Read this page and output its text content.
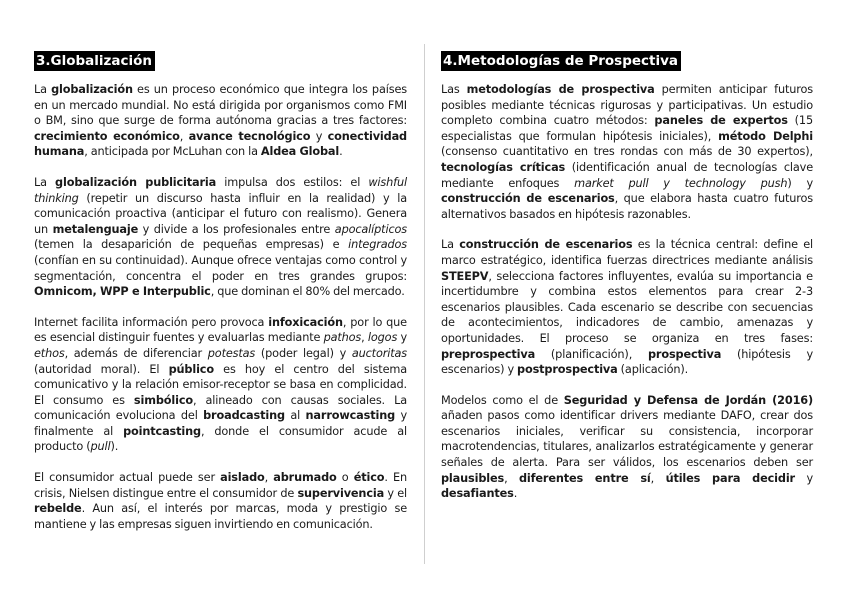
3.Globalización

La globalización es un proceso económico que integra los países en un mercado mundial. No está dirigida por organismos como FMI o BM, sino que surge de forma autónoma gracias a tres factores: crecimiento económico, avance tecnológico y conectividad humana, anticipada por McLuhan con la Aldea Global.

La globalización publicitaria impulsa dos estilos: el wishful thinking (repetir un discurso hasta influir en la realidad) y la comunicación proactiva (anticipar el futuro con realismo). Genera un metalenguaje y divide a los profesionales entre apocalípticos (temen la desaparición de pequeñas empresas) e integrados (confían en su continuidad). Aunque ofrece ventajas como control y segmentación, concentra el poder en tres grandes grupos: Omnicom, WPP e Interpublic, que dominan el 80% del mercado.

Internet facilita información pero provoca infoxicación, por lo que es esencial distinguir fuentes y evaluarlas mediante pathos, logos y ethos, además de diferenciar potestas (poder legal) y auctoritas (autoridad moral). El público es hoy el centro del sistema comunicativo y la relación emisor-receptor se basa en complicidad. El consumo es simbólico, alineado con causas sociales. La comunicación evoluciona del broadcasting al narrowcasting y finalmente al pointcasting, donde el consumidor acude al producto (pull).

El consumidor actual puede ser aislado, abrumado o ético. En crisis, Nielsen distingue entre el consumidor de supervivencia y el rebelde. Aun así, el interés por marcas, moda y prestigio se mantiene y las empresas siguen invirtiendo en comunicación.

4.Metodologías de Prospectiva

Las metodologías de prospectiva permiten anticipar futuros posibles mediante técnicas rigurosas y participativas. Un estudio completo combina cuatro métodos: paneles de expertos (15 especialistas que formulan hipótesis iniciales), método Delphi (consenso cuantitativo en tres rondas con más de 30 expertos), tecnologías críticas (identificación anual de tecnologías clave mediante enfoques market pull y technology push) y construcción de escenarios, que elabora hasta cuatro futuros alternativos basados en hipótesis razonables.

La construcción de escenarios es la técnica central: define el marco estratégico, identifica fuerzas directrices mediante análisis STEEPV, selecciona factores influyentes, evalúa su importancia e incertidumbre y combina estos elementos para crear 2-3 escenarios plausibles. Cada escenario se describe con secuencias de acontecimientos, indicadores de cambio, amenazas y oportunidades. El proceso se organiza en tres fases: preprospectiva (planificación), prospectiva (hipótesis y escenarios) y postprospectiva (aplicación).

Modelos como el de Seguridad y Defensa de Jordán (2016) añaden pasos como identificar drivers mediante DAFO, crear dos escenarios iniciales, verificar su consistencia, incorporar macrotendencias, titulares, analizarlos estratégicamente y generar señales de alerta. Para ser válidos, los escenarios deben ser plausibles, diferentes entre sí, útiles para decidir y desafiantes.
